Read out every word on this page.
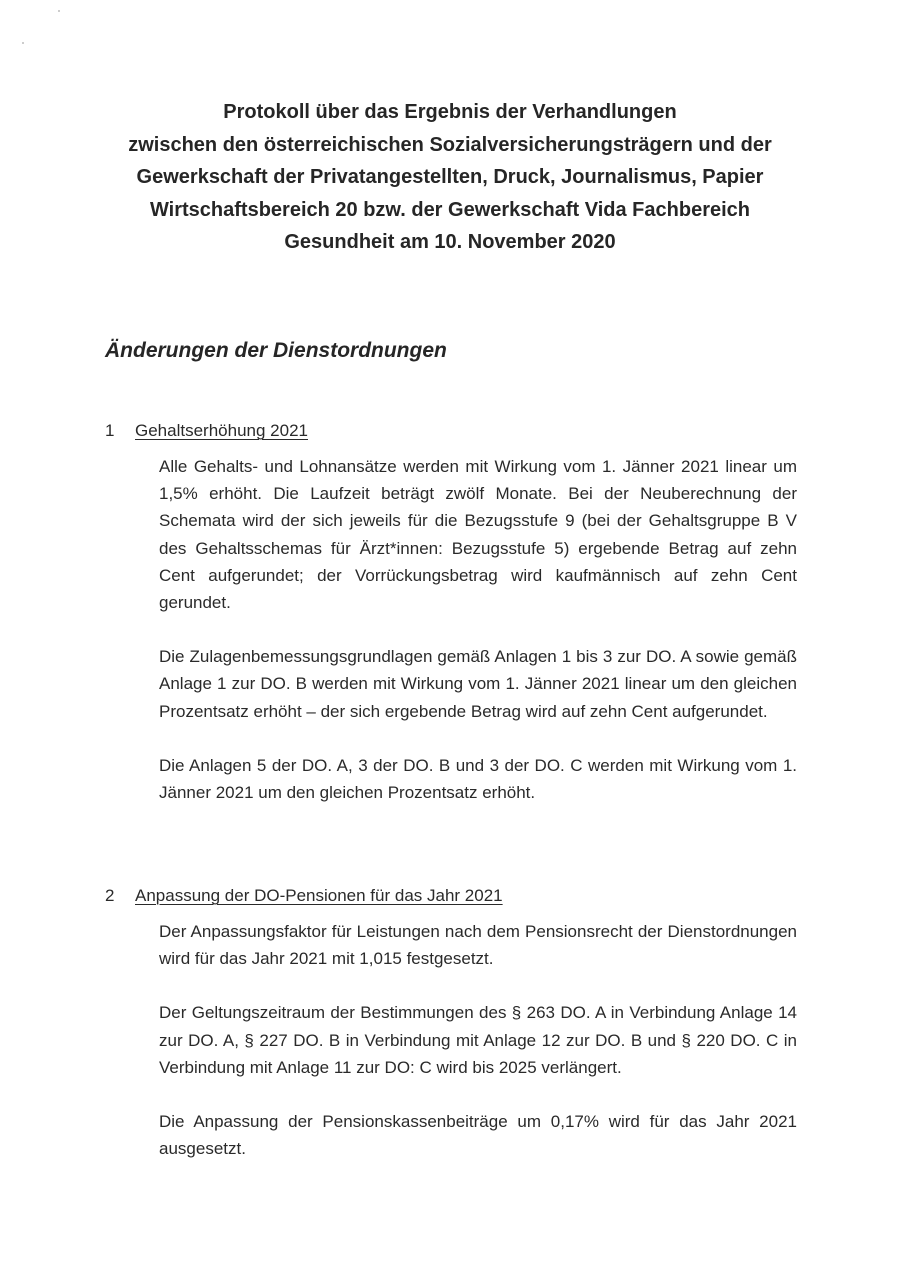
Protokoll über das Ergebnis der Verhandlungen
zwischen den österreichischen Sozialversicherungsträgern und der
Gewerkschaft der Privatangestellten, Druck, Journalismus, Papier
Wirtschaftsbereich 20 bzw. der Gewerkschaft Vida Fachbereich
Gesundheit am 10. November 2020
Änderungen der Dienstordnungen
1	Gehaltserhöhung 2021

Alle Gehalts- und Lohnansätze werden mit Wirkung vom 1. Jänner 2021 linear um 1,5% erhöht. Die Laufzeit beträgt zwölf Monate. Bei der Neuberechnung der Schemata wird der sich jeweils für die Bezugsstufe 9 (bei der Gehaltsgruppe B V des Gehaltsschemas für Ärzt*innen: Bezugsstufe 5) ergebende Betrag auf zehn Cent aufgerundet; der Vorrückungsbetrag wird kaufmännisch auf zehn Cent gerundet.

Die Zulagenbemessungsgrundlagen gemäß Anlagen 1 bis 3 zur DO. A sowie gemäß Anlage 1 zur DO. B werden mit Wirkung vom 1. Jänner 2021 linear um den gleichen Prozentsatz erhöht – der sich ergebende Betrag wird auf zehn Cent aufgerundet.

Die Anlagen 5 der DO. A, 3 der DO. B und 3 der DO. C werden mit Wirkung vom 1. Jänner 2021 um den gleichen Prozentsatz erhöht.

2	Anpassung der DO-Pensionen für das Jahr 2021

Der Anpassungsfaktor für Leistungen nach dem Pensionsrecht der Dienstordnungen wird für das Jahr 2021 mit 1,015 festgesetzt.

Der Geltungszeitraum der Bestimmungen des § 263 DO. A in Verbindung Anlage 14 zur DO. A, § 227 DO. B in Verbindung mit Anlage 12 zur DO. B und § 220 DO. C in Verbindung mit Anlage 11 zur DO: C wird bis 2025 verlängert.

Die Anpassung der Pensionskassenbeiträge um 0,17% wird für das Jahr 2021 ausgesetzt.
